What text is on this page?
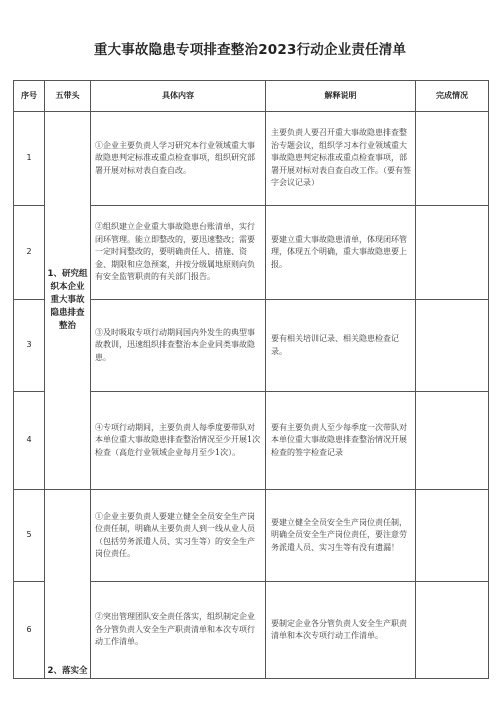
重大事故隐患专项排查整治2023行动企业责任清单
序号	五带头	具体内容	解释说明	完成情况
1	1、研究组织本企业重大事故隐患排查整治	①企业主要负责人学习研究本行业领域重大事故隐患判定标准或重点检查事项，组织研究部署开展对标对表自查自改。	主要负责人要召开重大事故隐患排查整治专题会议，组织学习本行业领域重大事故隐患判定标准或重点检查事项，部署开展对标对表自查自改工作。（要有签字会议记录）	
2		②组织建立企业重大事故隐患台账清单，实行闭环管理。能立即整改的，要迅速整改；需要一定时间整改的，要明确责任人、措施、资金、期限和应急预案，并按分级属地原则向负有安全监管职责的有关部门报告。	要建立重大事故隐患清单，体现闭环管理，体现五个明确，重大事故隐患要上报。	
3		③及时吸取专项行动期间国内外发生的典型事故教训，迅速组织排查整治本企业同类事故隐患。	要有相关培训记录、相关隐患检查记录。	
4		④专项行动期间，主要负责人每季度要带队对本单位重大事故隐患排查整治情况至少开展1次检查（高危行业领域企业每月至少1次）。	要有主要负责人至少每季度一次带队对本单位重大事故隐患排查整治情况开展检查的签字检查记录	
5	2、落实全	①企业主要负责人要建立健全全员安全生产岗位责任制，明确从主要负责人到一线从业人员（包括劳务派遣人员、实习生等）的安全生产岗位责任。	要建立健全全员安全生产岗位责任制，明确全员安全生产岗位责任，要注意劳务派遣人员、实习生等有没有遗漏！	
6		②突出管理团队安全责任落实，组织制定企业各分管负责人安全生产职责清单和本次专项行动工作清单。	要制定企业各分管负责人安全生产职责清单和本次专项行动工作清单。	
